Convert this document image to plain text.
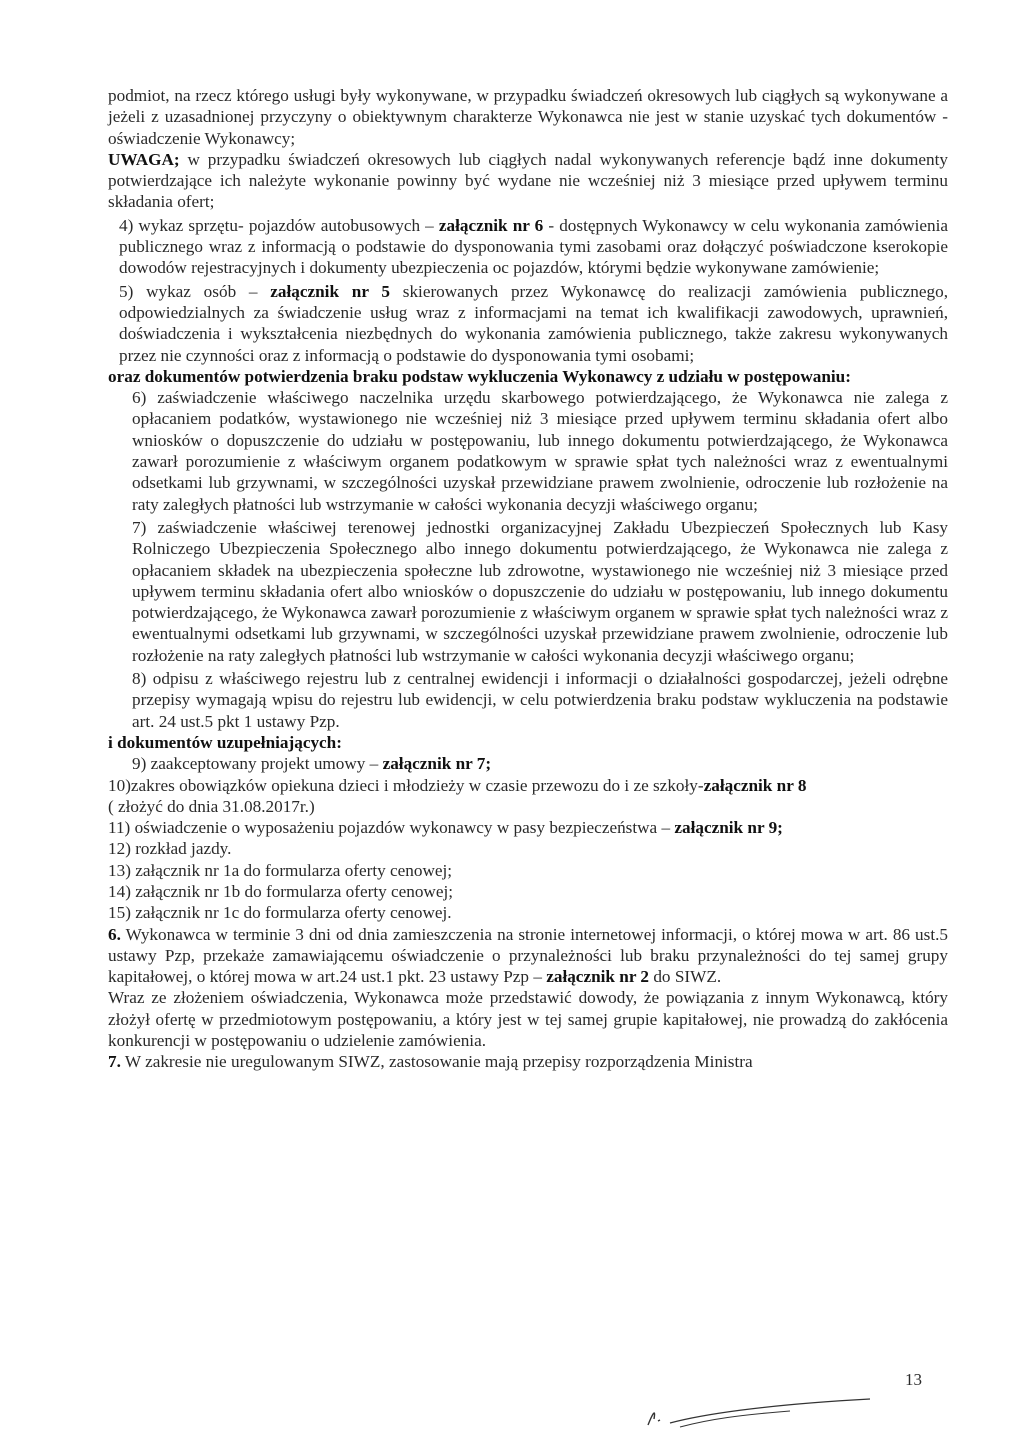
podmiot, na rzecz którego usługi były wykonywane, w przypadku świadczeń okresowych lub ciągłych są wykonywane a jeżeli z uzasadnionej przyczyny o obiektywnym charakterze Wykonawca nie jest w stanie uzyskać tych dokumentów - oświadczenie Wykonawcy;

UWAGA; w przypadku świadczeń okresowych lub ciągłych nadal wykonywanych referencje bądź inne dokumenty potwierdzające ich należyte wykonanie powinny być wydane nie wcześniej niż 3 miesiące przed upływem terminu składania ofert;

4) wykaz sprzętu- pojazdów autobusowych – załącznik nr 6 - dostępnych Wykonawcy w celu wykonania zamówienia publicznego wraz z informacją o podstawie do dysponowania tymi zasobami oraz dołączyć poświadczone kserokopie dowodów rejestracyjnych i dokumenty ubezpieczenia oc pojazdów, którymi będzie wykonywane zamówienie;

5) wykaz osób – załącznik nr 5 skierowanych przez Wykonawcę do realizacji zamówienia publicznego, odpowiedzialnych za świadczenie usług wraz z informacjami na temat ich kwalifikacji zawodowych, uprawnień, doświadczenia i wykształcenia niezbędnych do wykonania zamówienia publicznego, także zakresu wykonywanych przez nie czynności oraz z informacją o podstawie do dysponowania tymi osobami;

oraz dokumentów potwierdzenia braku podstaw wykluczenia Wykonawcy z udziału w postępowaniu:

6) zaświadczenie właściwego naczelnika urzędu skarbowego potwierdzającego, że Wykonawca nie zalega z opłacaniem podatków, wystawionego nie wcześniej niż 3 miesiące przed upływem terminu składania ofert albo wniosków o dopuszczenie do udziału w postępowaniu, lub innego dokumentu potwierdzającego, że Wykonawca zawarł porozumienie z właściwym organem podatkowym w sprawie spłat tych należności wraz z ewentualnymi odsetkami lub grzywnami, w szczególności uzyskał przewidziane prawem zwolnienie, odroczenie lub rozłożenie na raty zaległych płatności lub wstrzymanie w całości wykonania decyzji właściwego organu;

7) zaświadczenie właściwej terenowej jednostki organizacyjnej Zakładu Ubezpieczeń Społecznych lub Kasy Rolniczego Ubezpieczenia Społecznego albo innego dokumentu potwierdzającego, że Wykonawca nie zalega z opłacaniem składek na ubezpieczenia społeczne lub zdrowotne, wystawionego nie wcześniej niż 3 miesiące przed upływem terminu składania ofert albo wniosków o dopuszczenie do udziału w postępowaniu, lub innego dokumentu potwierdzającego, że Wykonawca zawarł porozumienie z właściwym organem w sprawie spłat tych należności wraz z ewentualnymi odsetkami lub grzywnami, w szczególności uzyskał przewidziane prawem zwolnienie, odroczenie lub rozłożenie na raty zaległych płatności lub wstrzymanie w całości wykonania decyzji właściwego organu;

8) odpisu z właściwego rejestru lub z centralnej ewidencji i informacji o działalności gospodarczej, jeżeli odrębne przepisy wymagają wpisu do rejestru lub ewidencji, w celu potwierdzenia braku podstaw wykluczenia na podstawie art. 24 ust.5 pkt 1 ustawy Pzp.

i dokumentów uzupełniających:

9) zaakceptowany projekt umowy – załącznik nr 7;

10)zakres obowiązków opiekuna dzieci i młodzieży w czasie przewozu do i ze szkoły-załącznik nr 8
( złożyć do dnia 31.08.2017r.)

11) oświadczenie o wyposażeniu pojazdów wykonawcy w pasy bezpieczeństwa – załącznik nr 9;

12) rozkład jazdy.

13) załącznik nr 1a do formularza oferty cenowej;

14) załącznik nr 1b do formularza oferty cenowej;

15) załącznik nr 1c do formularza oferty cenowej.

6. Wykonawca w terminie 3 dni od dnia zamieszczenia na stronie internetowej informacji, o której mowa w art. 86 ust.5 ustawy Pzp, przekaże zamawiającemu oświadczenie o przynależności lub braku przynależności do tej samej grupy kapitałowej, o której mowa w art.24 ust.1 pkt. 23 ustawy Pzp – załącznik nr 2 do SIWZ.

Wraz ze złożeniem oświadczenia, Wykonawca może przedstawić dowody, że powiązania z innym Wykonawcą, który złożył ofertę w przedmiotowym postępowaniu, a który jest w tej samej grupie kapitałowej, nie prowadzą do zakłócenia konkurencji w postępowaniu o udzielenie zamówienia.

7. W zakresie nie uregulowanym SIWZ, zastosowanie mają przepisy rozporządzenia Ministra

13
